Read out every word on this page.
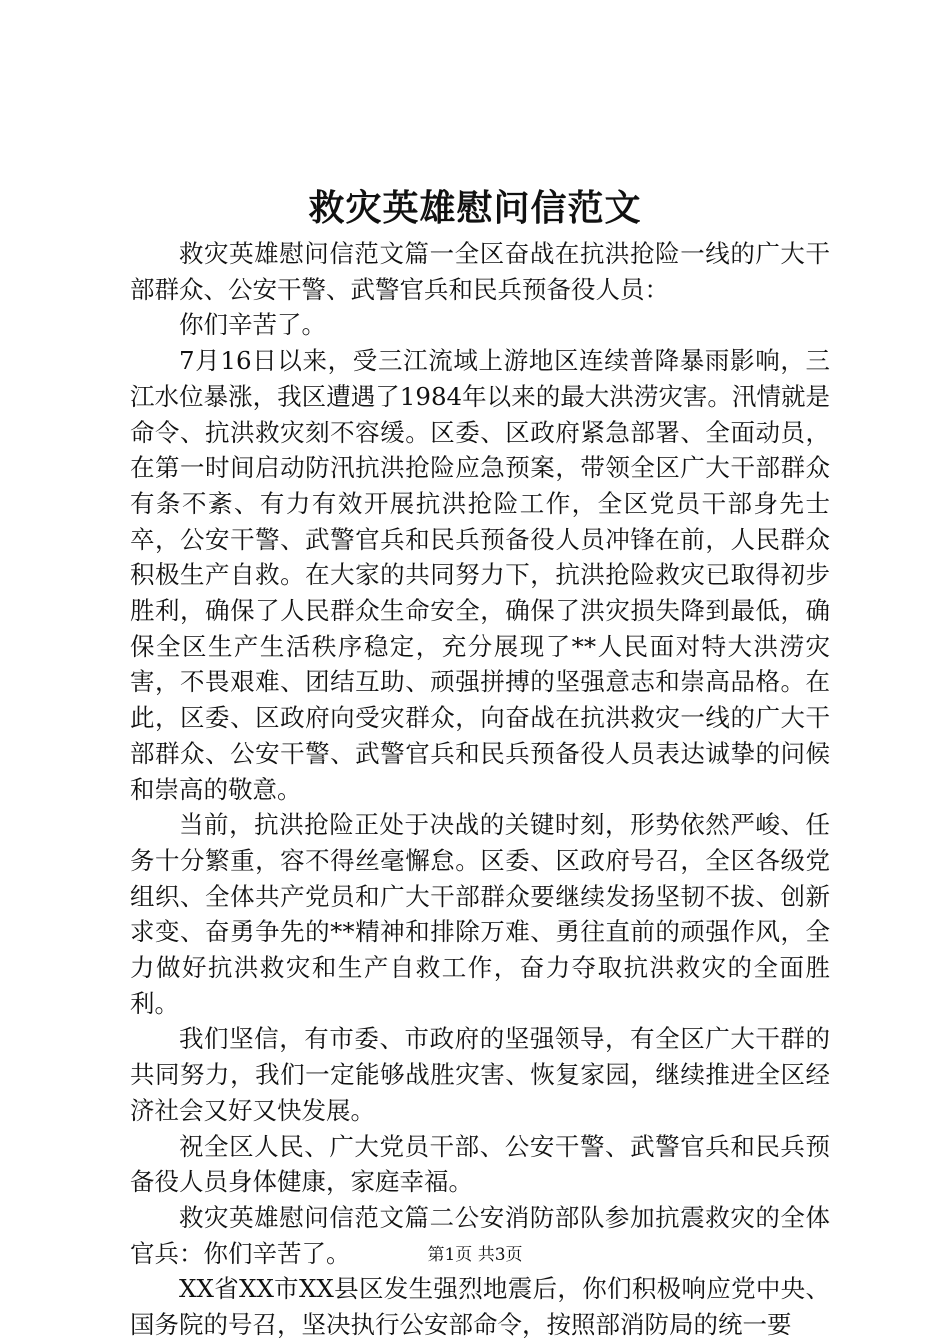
救灾英雄慰问信范文

救灾英雄慰问信范文篇一全区奋战在抗洪抢险一线的广大干部群众、公安干警、武警官兵和民兵预备役人员：

你们辛苦了。

7月16日以来，受三江流域上游地区连续普降暴雨影响，三江水位暴涨，我区遭遇了1984年以来的最大洪涝灾害。汛情就是命令、抗洪救灾刻不容缓。区委、区政府紧急部署、全面动员，在第一时间启动防汛抗洪抢险应急预案，带领全区广大干部群众有条不紊、有力有效开展抗洪抢险工作，全区党员干部身先士卒，公安干警、武警官兵和民兵预备役人员冲锋在前，人民群众积极生产自救。在大家的共同努力下，抗洪抢险救灾已取得初步胜利，确保了人民群众生命安全，确保了洪灾损失降到最低，确保全区生产生活秩序稳定，充分展现了**人民面对特大洪涝灾害，不畏艰难、团结互助、顽强拼搏的坚强意志和崇高品格。在此，区委、区政府向受灾群众，向奋战在抗洪救灾一线的广大干部群众、公安干警、武警官兵和民兵预备役人员表达诚挚的问候和崇高的敬意。

当前，抗洪抢险正处于决战的关键时刻，形势依然严峻、任务十分繁重，容不得丝毫懈怠。区委、区政府号召，全区各级党组织、全体共产党员和广大干部群众要继续发扬坚韧不拔、创新求变、奋勇争先的**精神和排除万难、勇往直前的顽强作风，全力做好抗洪救灾和生产自救工作，奋力夺取抗洪救灾的全面胜利。

我们坚信，有市委、市政府的坚强领导，有全区广大干群的共同努力，我们一定能够战胜灾害、恢复家园，继续推进全区经济社会又好又快发展。

祝全区人民、广大党员干部、公安干警、武警官兵和民兵预备役人员身体健康，家庭幸福。

救灾英雄慰问信范文篇二公安消防部队参加抗震救灾的全体官兵：你们辛苦了。

XX省XX市XX县区发生强烈地震后，你们积极响应党中央、国务院的号召，坚决执行公安部命令，按照部消防局的统一要

第1页 共3页
